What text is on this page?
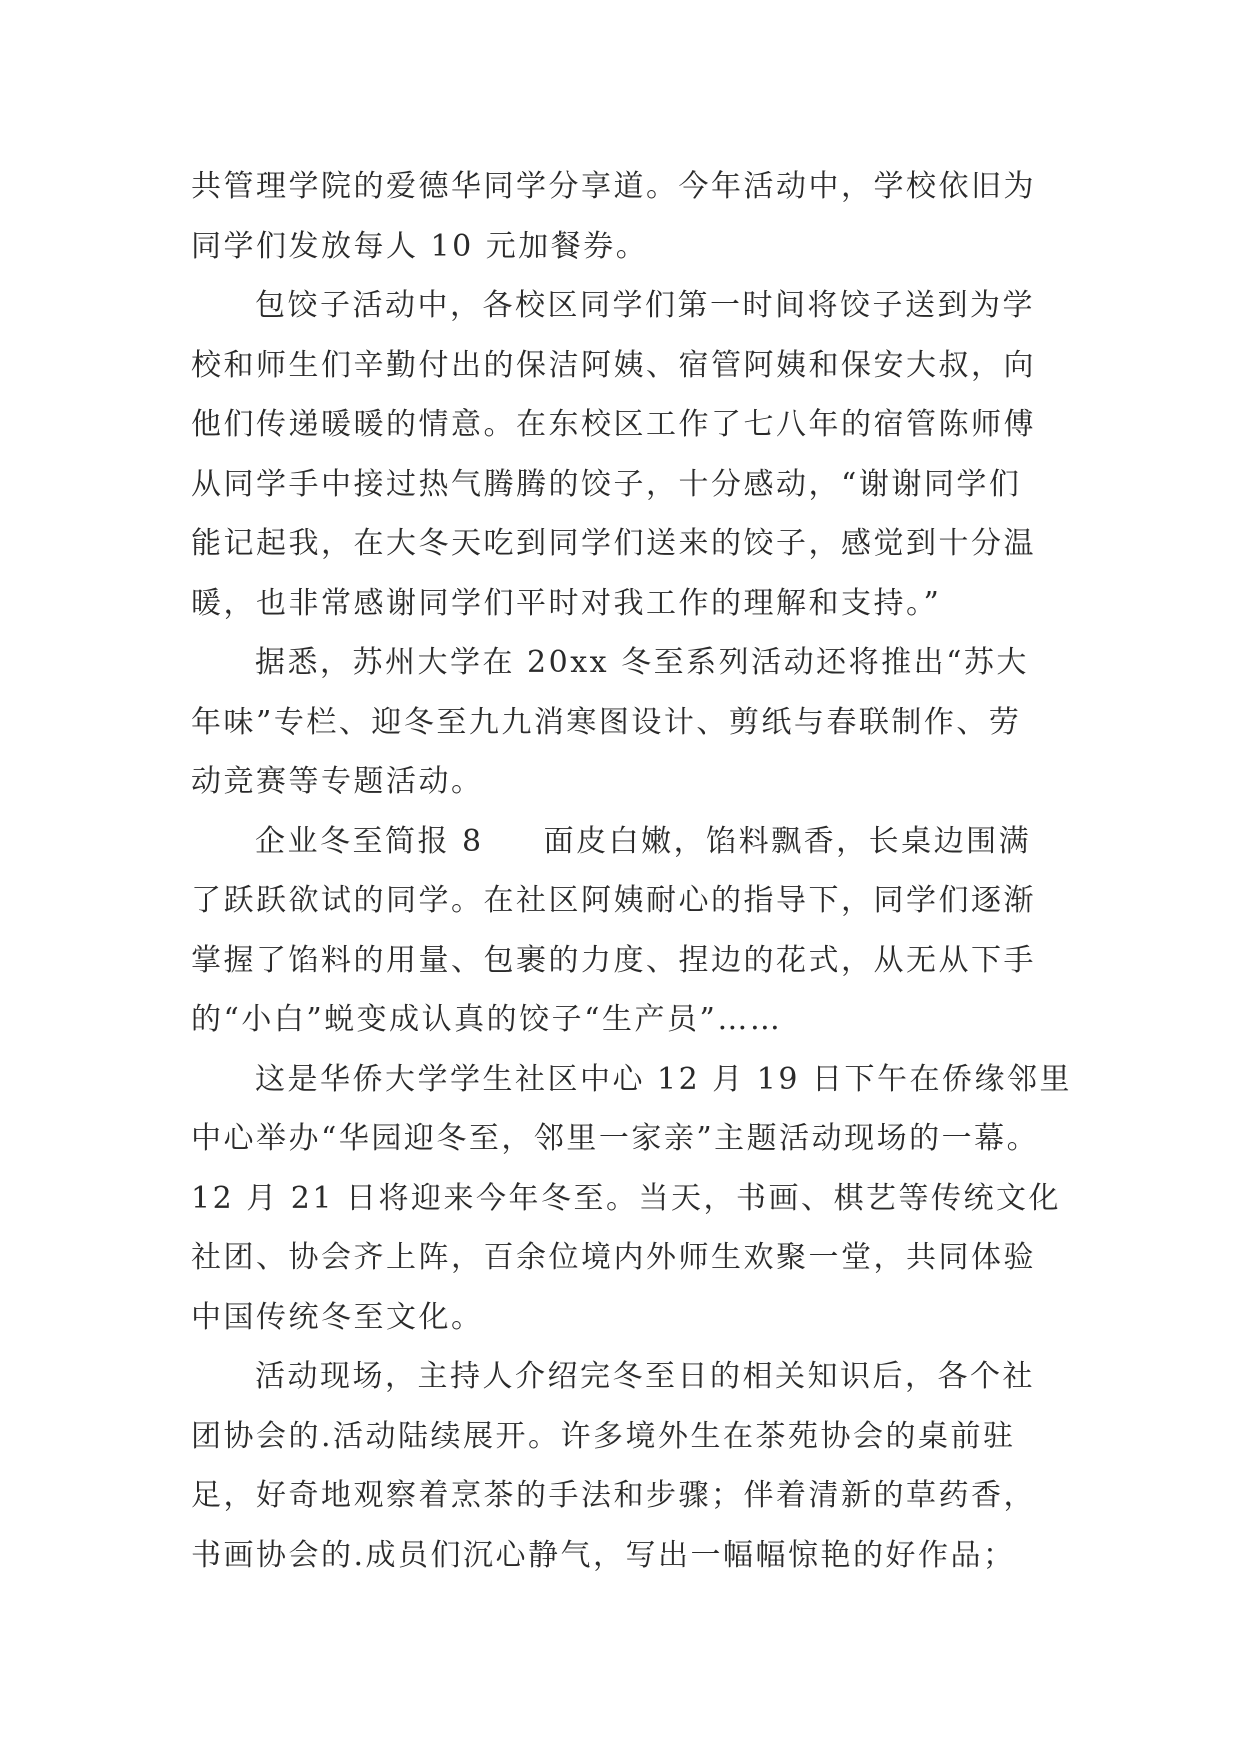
共管理学院的爱德华同学分享道。今年活动中，学校依旧为
同学们发放每人 10 元加餐券。
包饺子活动中，各校区同学们第一时间将饺子送到为学
校和师生们辛勤付出的保洁阿姨、宿管阿姨和保安大叔，向
他们传递暖暖的情意。在东校区工作了七八年的宿管陈师傅
从同学手中接过热气腾腾的饺子，十分感动，“谢谢同学们
能记起我，在大冬天吃到同学们送来的饺子，感觉到十分温
暖，也非常感谢同学们平时对我工作的理解和支持。”
据悉，苏州大学在 20xx 冬至系列活动还将推出“苏大
年味”专栏、迎冬至九九消寒图设计、剪纸与春联制作、劳
动竞赛等专题活动。
企业冬至简报 8 面皮白嫩，馅料飘香，长桌边围满
了跃跃欲试的同学。在社区阿姨耐心的指导下，同学们逐渐
掌握了馅料的用量、包裹的力度、捏边的花式，从无从下手
的“小白”蜕变成认真的饺子“生产员”……
这是华侨大学学生社区中心 12 月 19 日下午在侨缘邻里
中心举办“华园迎冬至，邻里一家亲”主题活动现场的一幕。
12 月 21 日将迎来今年冬至。当天，书画、棋艺等传统文化
社团、协会齐上阵，百余位境内外师生欢聚一堂，共同体验
中国传统冬至文化。
活动现场，主持人介绍完冬至日的相关知识后，各个社
团协会的.活动陆续展开。许多境外生在茶苑协会的桌前驻
足，好奇地观察着烹茶的手法和步骤；伴着清新的草药香，
书画协会的.成员们沉心静气，写出一幅幅惊艳的好作品；
